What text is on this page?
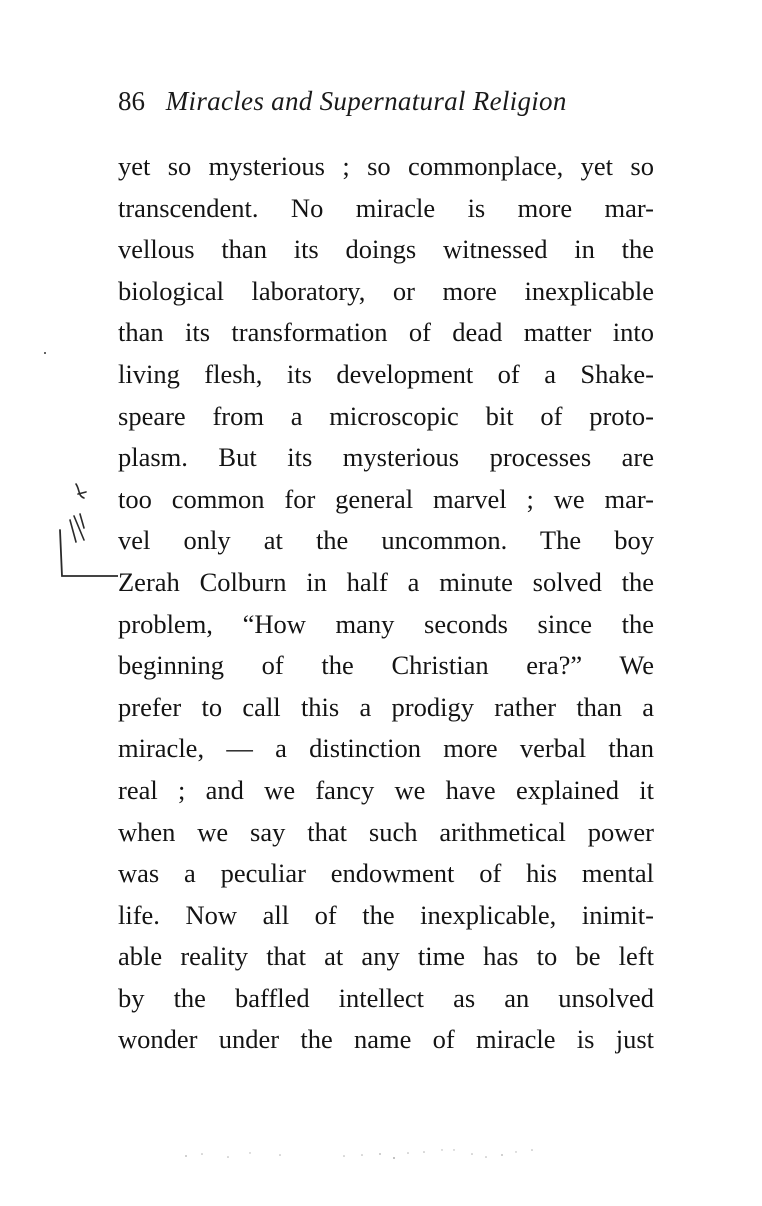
86 Miracles and Supernatural Religion
yet so mysterious ; so commonplace, yet so
transcendent. No miracle is more mar-
vellous than its doings witnessed in the
biological laboratory, or more inexplicable
than its transformation of dead matter into
living flesh, its development of a Shake-
speare from a microscopic bit of proto-
plasm. But its mysterious processes are
too common for general marvel ; we mar-
vel only at the uncommon. The boy
Zerah Colburn in half a minute solved the
problem, “How many seconds since the
beginning of the Christian era?” We
prefer to call this a prodigy rather than a
miracle, — a distinction more verbal than
real ; and we fancy we have explained it
when we say that such arithmetical power
was a peculiar endowment of his mental
life. Now all of the inexplicable, inimit-
able reality that at any time has to be left
by the baffled intellect as an unsolved
wonder under the name of miracle is just
